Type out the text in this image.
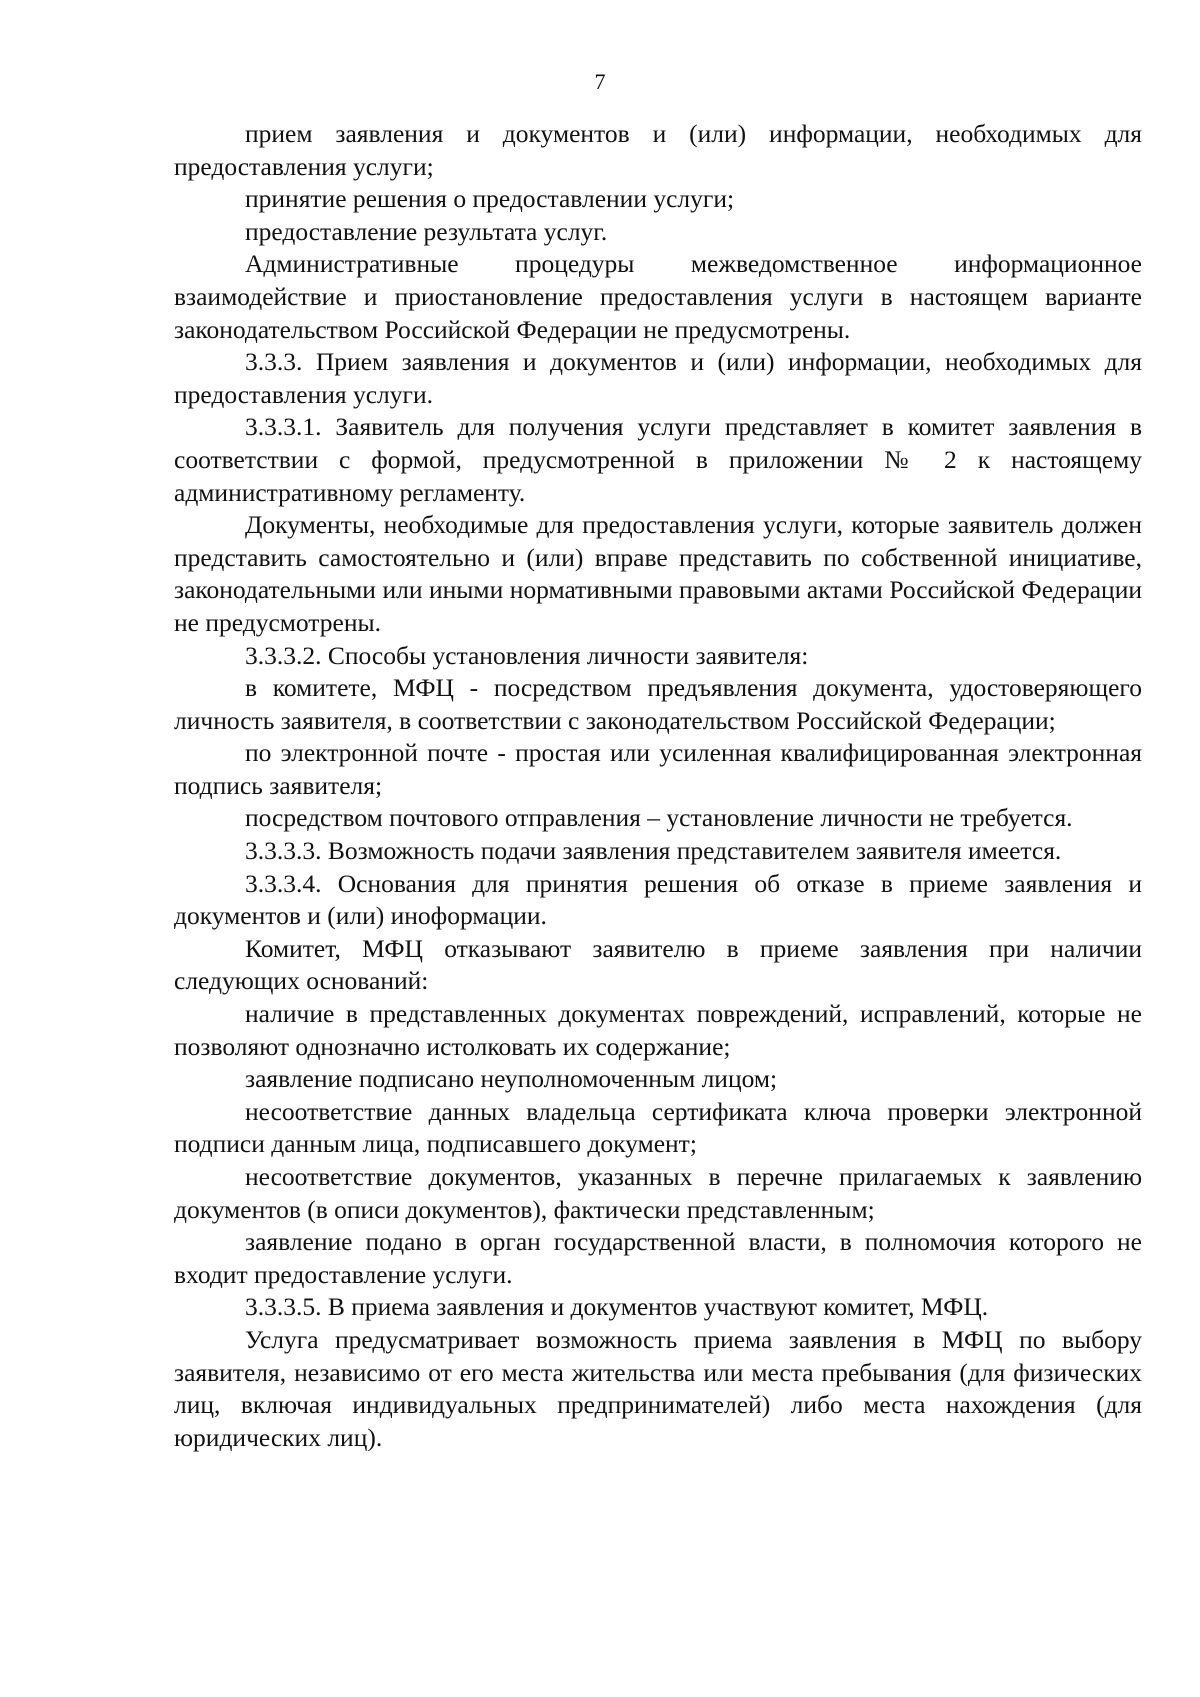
7

прием заявления и документов и (или) информации, необходимых для предоставления услуги;

принятие решения о предоставлении услуги;

предоставление результата услуг.

Административные процедуры межведомственное информационное взаимодействие и приостановление предоставления услуги в настоящем варианте законодательством Российской Федерации не предусмотрены.

3.3.3. Прием заявления и документов и (или) информации, необходимых для предоставления услуги.

3.3.3.1. Заявитель для получения услуги представляет в комитет заявления в соответствии с формой, предусмотренной в приложении № 2 к настоящему административному регламенту.

Документы, необходимые для предоставления услуги, которые заявитель должен представить самостоятельно и (или) вправе представить по собственной инициативе, законодательными или иными нормативными правовыми актами Российской Федерации не предусмотрены.

3.3.3.2. Способы установления личности заявителя:

в комитете, МФЦ - посредством предъявления документа, удостоверяющего личность заявителя, в соответствии с законодательством Российской Федерации;

по электронной почте - простая или усиленная квалифицированная электронная подпись заявителя;

посредством почтового отправления – установление личности не требуется.

3.3.3.3. Возможность подачи заявления представителем заявителя имеется.

3.3.3.4. Основания для принятия решения об отказе в приеме заявления и документов и (или) иноформации.

Комитет, МФЦ отказывают заявителю в приеме заявления при наличии следующих оснований:

наличие в представленных документах повреждений, исправлений, которые не позволяют однозначно истолковать их содержание;

заявление подписано неуполномоченным лицом;

несоответствие данных владельца сертификата ключа проверки электронной подписи данным лица, подписавшего документ;

несоответствие документов, указанных в перечне прилагаемых к заявлению документов (в описи документов), фактически представленным;

заявление подано в орган государственной власти, в полномочия которого не входит предоставление услуги.

3.3.3.5. В приема заявления и документов участвуют комитет, МФЦ.

Услуга предусматривает возможность приема заявления в МФЦ по выбору заявителя, независимо от его места жительства или места пребывания (для физических лиц, включая индивидуальных предпринимателей) либо места нахождения (для юридических лиц).
